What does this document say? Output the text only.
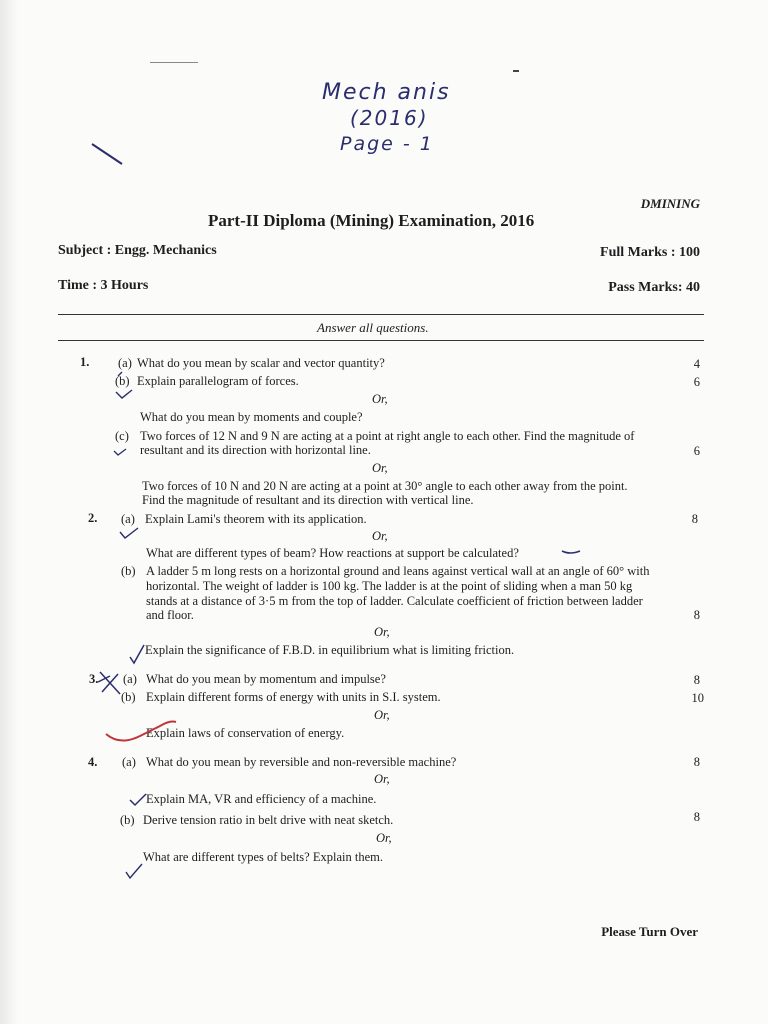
Mech anis
(2016)
Page - 1
DMINING
Part-II Diploma (Mining) Examination, 2016
Subject : Engg. Mechanics	Full Marks : 100
Time : 3 Hours	Pass Marks: 40
Answer all questions.
1. (a) What do you mean by scalar and vector quantity?	4
(b) Explain parallelogram of forces.	6
Or,
What do you mean by moments and couple?
(c) Two forces of 12 N and 9 N are acting at a point at right angle to each other. Find the magnitude of
resultant and its direction with horizontal line.	6
Or,
Two forces of 10 N and 20 N are acting at a point at 30° angle to each other away from the point.
Find the magnitude of resultant and its direction with vertical line.
2. (a) Explain Lami's theorem with its application.	8
Or,
What are different types of beam? How reactions at support be calculated?
(b) A ladder 5 m long rests on a horizontal ground and leans against vertical wall at an angle of 60° with
horizontal. The weight of ladder is 100 kg. The ladder is at the point of sliding when a man 50 kg
stands at a distance of 3·5 m from the top of ladder. Calculate coefficient of friction between ladder
and floor.	8
Or,
Explain the significance of F.B.D. in equilibrium what is limiting friction.
3. (a) What do you mean by momentum and impulse?	8
(b) Explain different forms of energy with units in S.I. system.	10
Or,
Explain laws of conservation of energy.
4. (a) What do you mean by reversible and non-reversible machine?	8
Or,
Explain MA, VR and efficiency of a machine.
(b) Derive tension ratio in belt drive with neat sketch.	8
Or,
What are different types of belts? Explain them.
Please Turn Over
